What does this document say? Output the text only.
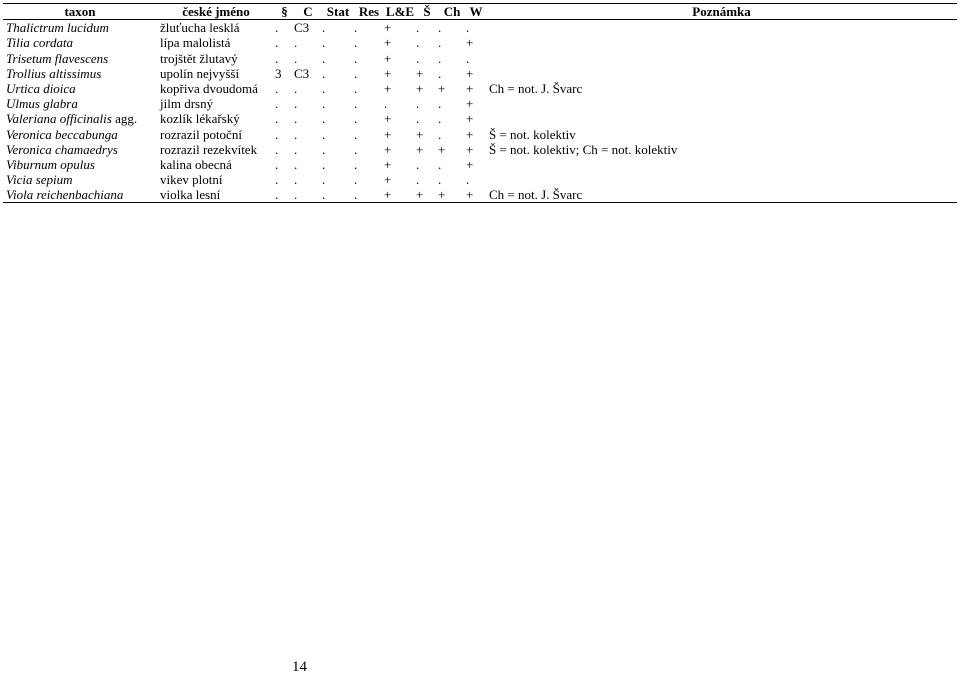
taxon	české jméno	§	C	Stat	Res	L&E	Š	Ch	W	Poznámka
Thalictrum lucidum	žluťucha lesklá	.	C3	.	.	+	.	.	.	
Tilia cordata	lípa malolistá	.	.	.	.	+	.	.	+	
Trisetum flavescens	trojštět žlutavý	.	.	.	.	+	.	.	.	
Trollius altissimus	upolín nejvyšší	3	C3	.	.	+	+	.	+	
Urtica dioica	kopřiva dvoudomá	.	.	.	.	+	+	+	+	Ch = not. J. Švarc
Ulmus glabra	jilm drsný	.	.	.	.	.	.	.	+	
Valeriana officinalis agg.	kozlík lékařský	.	.	.	.	+	.	.	+	
Veronica beccabunga	rozrazil potoční	.	.	.	.	+	+	.	+	Š = not. kolektiv
Veronica chamaedrys	rozrazil rezekvítek	.	.	.	.	+	+	+	+	Š = not. kolektiv; Ch = not. kolektiv
Viburnum opulus	kalina obecná	.	.	.	.	+	.	.	+	
Vicia sepium	vikev plotní	.	.	.	.	+	.	.	.	
Viola reichenbachiana	violka lesní	.	.	.	.	+	+	+	+	Ch = not. J. Švarc
14
